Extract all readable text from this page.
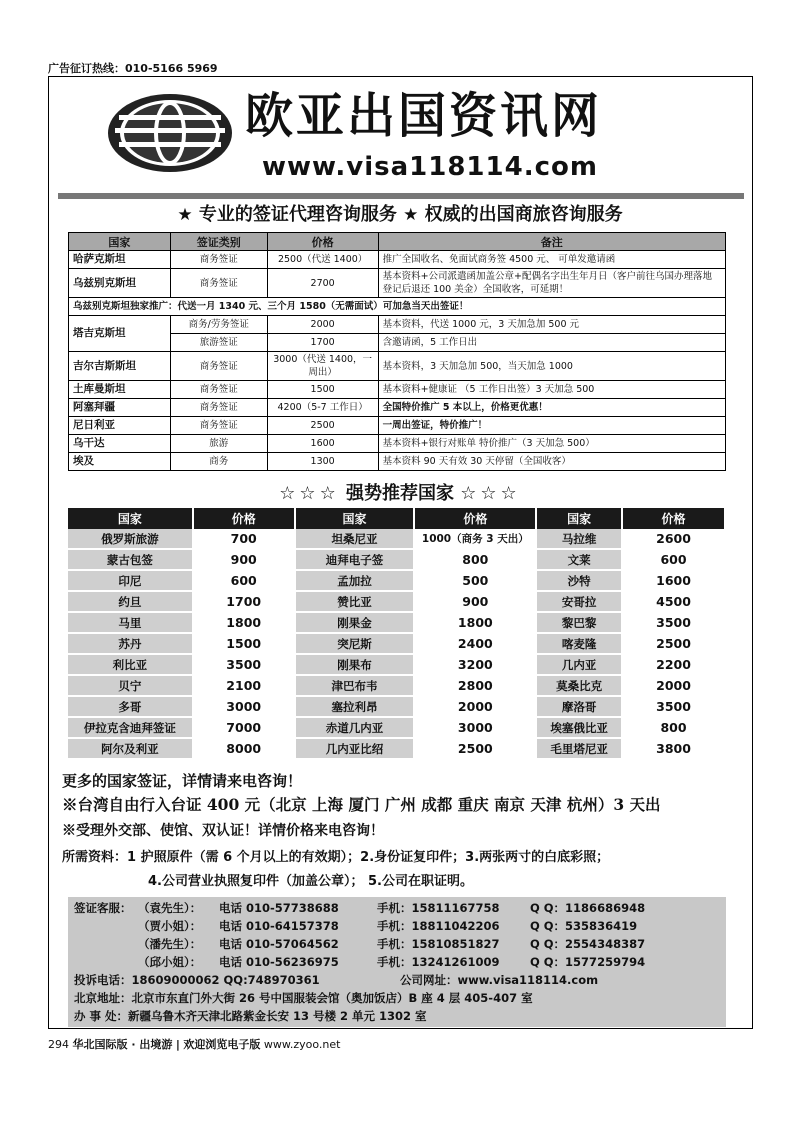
广告征订热线：010-5166 5969
欧亚出国资讯网
www.visa118114.com
★ 专业的签证代理咨询服务 ★ 权威的出国商旅咨询服务
国家	签证类别	价格	备注
哈萨克斯坦	商务签证	2500（代送 1400）	推广全国收名、免面试商务签 4500 元、 可单发邀请函
乌兹别克斯坦	商务签证	2700	基本资料+公司派遣函加盖公章+配偶名字出生年月日（客户前往乌国办理落地登记后退还 100 美金）全国收客，可延期！
乌兹别克斯坦独家推广：代送一月 1340 元、三个月 1580（无需面试）可加急当天出签证！			
塔吉克斯坦	商务/劳务签证	2000	基本资料，代送 1000 元，3 天加急加 500 元
	旅游签证	1700	含邀请函，5 工作日出
吉尔吉斯斯坦	商务签证	3000（代送 1400，一周出）	基本资料，3 天加急加 500，当天加急 1000
土库曼斯坦	商务签证	1500	基本资料+健康证 （5 工作日出签）3 天加急 500
阿塞拜疆	商务签证	4200（5-7 工作日）	全国特价推广 5 本以上，价格更优惠！
尼日利亚	商务签证	2500	一周出签证，特价推广！
乌干达	旅游	1600	基本资料+银行对账单 特价推广（3 天加急 500）
埃及	商务	1300	基本资料 90 天有效 30 天停留（全国收客）
☆☆☆ 强势推荐国家 ☆☆☆
国家	价格	国家	价格	国家	价格
俄罗斯旅游	700	坦桑尼亚	1000（商务 3 天出）	马拉维	2600
蒙古包签	900	迪拜电子签	800	文莱	600
印尼	600	孟加拉	500	沙特	1600
约旦	1700	赞比亚	900	安哥拉	4500
马里	1800	刚果金	1800	黎巴黎	3500
苏丹	1500	突尼斯	2400	喀麦隆	2500
利比亚	3500	刚果布	3200	几内亚	2200
贝宁	2100	津巴布韦	2800	莫桑比克	2000
多哥	3000	塞拉利昂	2000	摩洛哥	3500
伊拉克含迪拜签证	7000	赤道几内亚	3000	埃塞俄比亚	800
阿尔及利亚	8000	几内亚比绍	2500	毛里塔尼亚	3800
更多的国家签证，详情请来电咨询！
※台湾自由行入台证 400 元（北京 上海 厦门 广州 成都 重庆 南京 天津 杭州）3 天出
※受理外交部、使馆、双认证！详情价格来电咨询！
所需资料：1 护照原件（需 6 个月以上的有效期）；2.身份证复印件；3.两张两寸的白底彩照；
4.公司营业执照复印件（加盖公章）； 5.公司在职证明。
签证客服： （袁先生）： 电话 010-57738688	手机：15811167758	Q Q：1186686948
（贾小姐）： 电话 010-64157378	手机：18811042206	Q Q：535836419
（潘先生）： 电话 010-57064562	手机：15810851827	Q Q：2554348387
（邱小姐）： 电话 010-56236975	手机：13241261009	Q Q：1577259794
投诉电话：18609000062 QQ:748970361	公司网址：www.visa118114.com
北京地址：北京市东直门外大街 26 号中国服装会馆（奥加饭店）B 座 4 层 405-407 室
办 事 处：新疆乌鲁木齐天津北路紫金长安 13 号楼 2 单元 1302 室
294 华北国际版 · 出境游 | 欢迎浏览电子版 www.zyoo.net
